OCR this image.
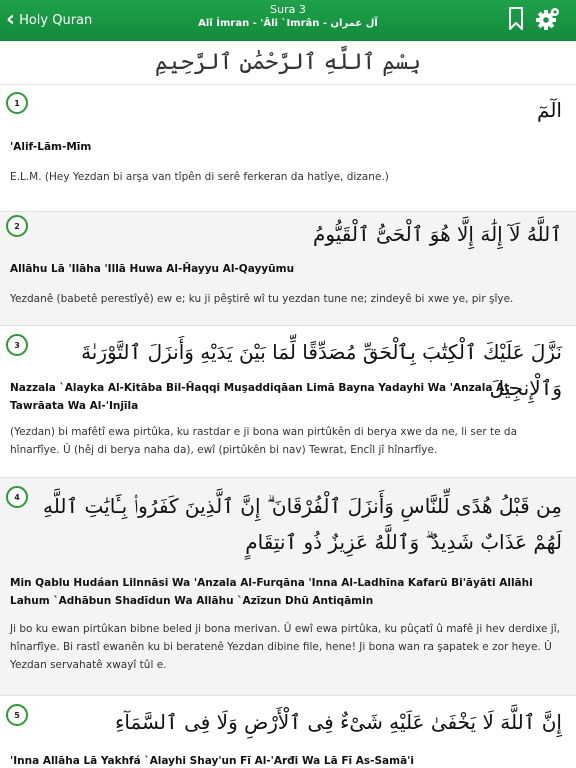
‹ Holy Quran
Sura 3
Alî İmran - 'Âli `Imrân - آل عمران
بِسْمِ ٱللَّهِ ٱلرَّحْمَٰنِ ٱلرَّحِيمِ
1	الٓمٓ
'Alif-Lām-Mīm
E.L.M. (Hey Yezdan bi arşa van tîpên di serê ferkeran da hatîye, dizane.)
2	ٱللَّهُ لَآ إِلَٰهَ إِلَّا هُوَ ٱلْحَىُّ ٱلْقَيُّومُ
Allāhu Lā 'Ilāha 'Illā Huwa Al-Ĥayyu Al-Qayyūmu
Yezdanê (babetê perestîyê) ew e; ku ji pêştirê wî tu yezdan tune ne; zindeyê bi xwe ye, pir şîye.
3	نَزَّلَ عَلَيْكَ ٱلْكِتَٰبَ بِٱلْحَقِّ مُصَدِّقًا لِّمَا بَيْنَ يَدَيْهِ وَأَنزَلَ ٱلتَّوْرَىٰةَ وَٱلْإِنجِيلَ
Nazzala `Alayka Al-Kitāba Bil-Ĥaqqi Muşaddiqāan Limā Bayna Yadayhi Wa 'Anzala At-Tawrāata Wa Al-'Injīla
(Yezdan) bi mafêtî ewa pirtûka, ku rastdar e ji bona wan pirtûkên di berya xwe da ne, li ser te da hînarfîye. Û (hêj di berya naha da), ewî (pirtûkên bi nav) Tewrat, Encîl jî hînarfîye.
4	مِن قَبْلُ هُدًى لِّلنَّاسِ وَأَنزَلَ ٱلْفُرْقَانَ ۗ إِنَّ ٱلَّذِينَ كَفَرُوا۟ بِـَٔايَٰتِ ٱللَّهِ لَهُمْ عَذَابٌ شَدِيدٌ ۗ وَٱللَّهُ عَزِيزٌ ذُو ٱنتِقَامٍ
Min Qablu Hudáan Lilnnāsi Wa 'Anzala Al-Furqāna 'Inna Al-Ladhīna Kafarū Bi'āyāti Allāhi Lahum `Adhābun Shadīdun Wa Allāhu `Azīzun Dhū Antiqāmin
Ji bo ku ewan pirtûkan bibne beled ji bona merivan. Û ewî ewa pirtûka, ku pûçatî û mafê ji hev derdixe jî, hînarfîye. Bi rastî ewanên ku bi beratenê Yezdan dibine file, hene! Ji bona wan ra şapatek e zor heye. Û Yezdan servahatê xwayî tûl e.
5	إِنَّ ٱللَّهَ لَا يَخْفَىٰ عَلَيْهِ شَىْءٌ فِى ٱلْأَرْضِ وَلَا فِى ٱلسَّمَآءِ
'Inna Allāha Lā Yakhfá `Alayhi Shay'un Fī Al-'Arđi Wa Lā Fī As-Samā'i
